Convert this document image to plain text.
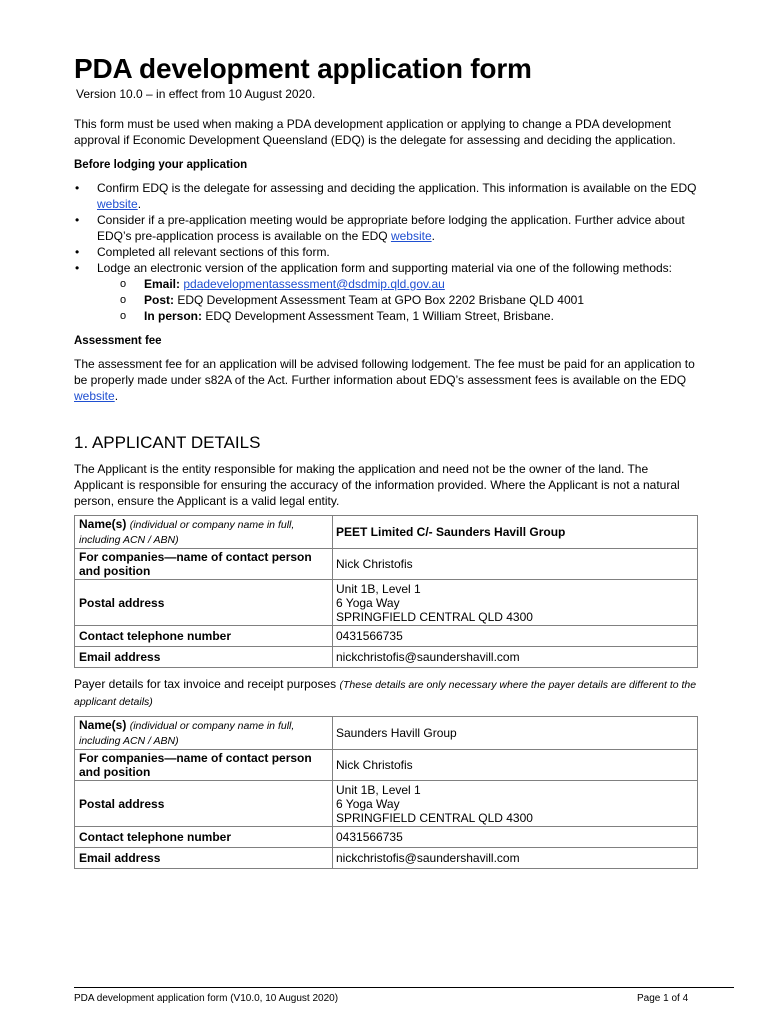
PDA development application form
Version 10.0 – in effect from 10 August 2020.

This form must be used when making a PDA development application or applying to change a PDA development approval if Economic Development Queensland (EDQ) is the delegate for assessing and deciding the application.

Before lodging your application
• Confirm EDQ is the delegate for assessing and deciding the application. This information is available on the EDQ website.
• Consider if a pre-application meeting would be appropriate before lodging the application. Further advice about EDQ’s pre-application process is available on the EDQ website.
• Completed all relevant sections of this form.
• Lodge an electronic version of the application form and supporting material via one of the following methods:
o Email: pdadevelopmentassessment@dsdmip.qld.gov.au
o Post: EDQ Development Assessment Team at GPO Box 2202 Brisbane QLD 4001
o In person: EDQ Development Assessment Team, 1 William Street, Brisbane.
Assessment fee

The assessment fee for an application will be advised following lodgement. The fee must be paid for an application to be properly made under s82A of the Act. Further information about EDQ’s assessment fees is available on the EDQ website.

1. APPLICANT DETAILS

The Applicant is the entity responsible for making the application and need not be the owner of the land. The Applicant is responsible for ensuring the accuracy of the information provided. Where the Applicant is not a natural person, ensure the Applicant is a valid legal entity.

Name(s) (individual or company name in full, including ACN / ABN)	PEET Limited C/- Saunders Havill Group
For companies—name of contact person and position	Nick Christofis
Postal address	Unit 1B, Level 1
6 Yoga Way
SPRINGFIELD CENTRAL QLD 4300

Contact telephone number	0431566735
Email address	nickchristofis@saundershavill.com

Payer details for tax invoice and receipt purposes (These details are only necessary where the payer details are different to the applicant details)

Name(s) (individual or company name in full, including ACN / ABN)	Saunders Havill Group
For companies—name of contact person and position	Nick Christofis
Postal address	Unit 1B, Level 1
6 Yoga Way
SPRINGFIELD CENTRAL QLD 4300

Contact telephone number	0431566735
Email address	nickchristofis@saundershavill.com
PDA development application form (V10.0, 10 August 2020)	Page 1 of 4
